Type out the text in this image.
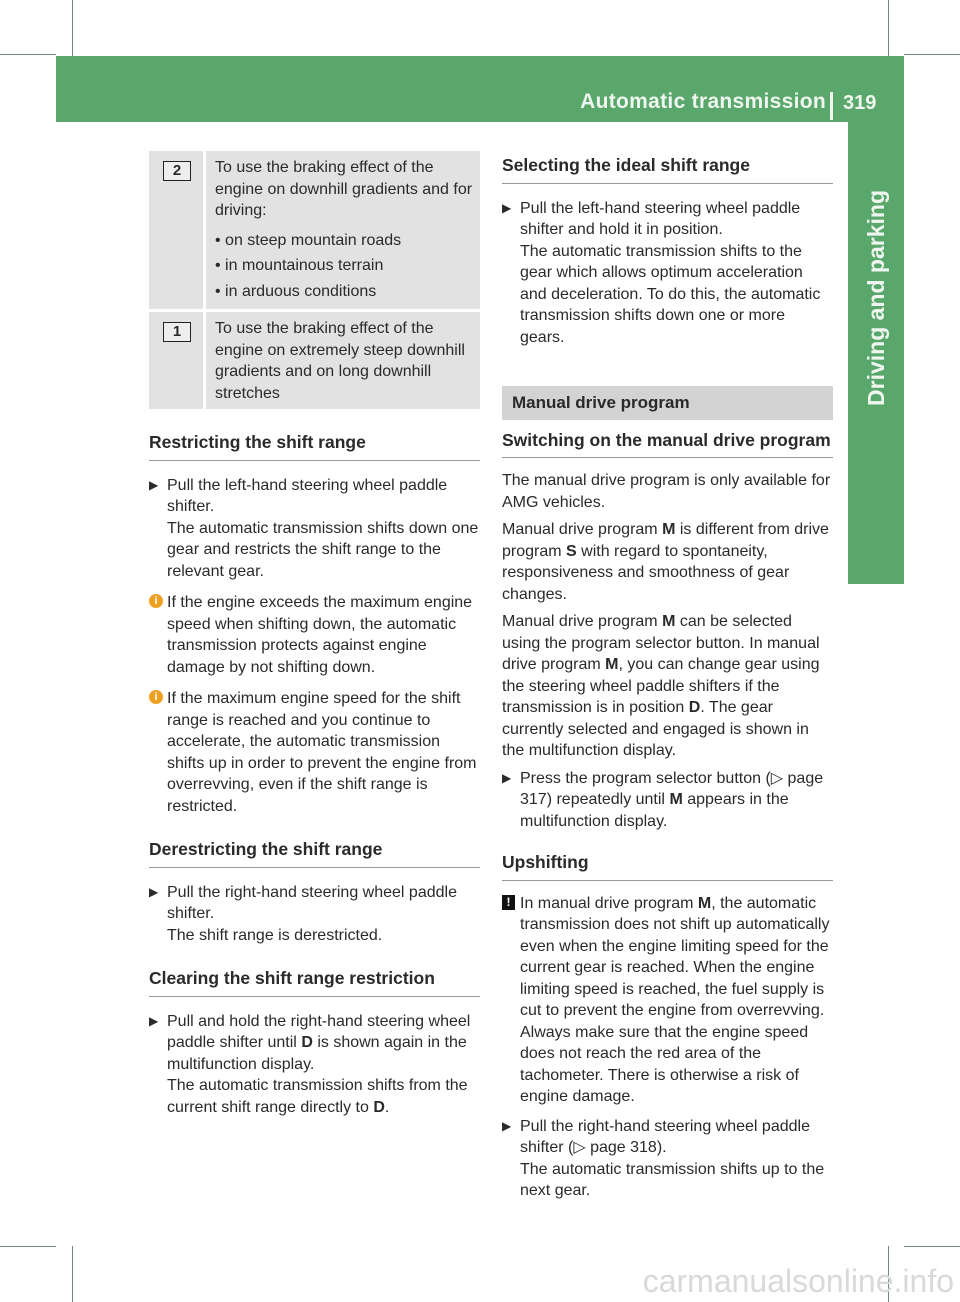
Automatic transmission 319
Driving and parking
2	To use the braking effect of the engine on downhill gradients and for driving:

• on steep mountain roads
• in mountainous terrain
• in arduous conditions
1	To use the braking effect of the engine on extremely steep downhill gradients and on long downhill stretches

Restricting the shift range

▶ Pull the left-hand steering wheel paddle shifter.
The automatic transmission shifts down one gear and restricts the shift range to the relevant gear.

i If the engine exceeds the maximum engine speed when shifting down, the automatic transmission protects against engine damage by not shifting down.

i If the maximum engine speed for the shift range is reached and you continue to accelerate, the automatic transmission shifts up in order to prevent the engine from overrevving, even if the shift range is restricted.

Derestricting the shift range

▶ Pull the right-hand steering wheel paddle shifter.
The shift range is derestricted.

Clearing the shift range restriction

▶ Pull and hold the right-hand steering wheel paddle shifter until D is shown again in the multifunction display.
The automatic transmission shifts from the current shift range directly to D.

Selecting the ideal shift range

▶ Pull the left-hand steering wheel paddle shifter and hold it in position.
The automatic transmission shifts to the gear which allows optimum acceleration and deceleration. To do this, the automatic transmission shifts down one or more gears.

Manual drive program
Switching on the manual drive program

The manual drive program is only available for AMG vehicles.

Manual drive program M is different from drive program S with regard to spontaneity, responsiveness and smoothness of gear changes.

Manual drive program M can be selected using the program selector button. In manual drive program M, you can change gear using the steering wheel paddle shifters if the transmission is in position D. The gear currently selected and engaged is shown in the multifunction display.

▶ Press the program selector button (▷ page 317) repeatedly until M appears in the multifunction display.

Upshifting

! In manual drive program M, the automatic transmission does not shift up automatically even when the engine limiting speed for the current gear is reached. When the engine limiting speed is reached, the fuel supply is cut to prevent the engine from overrevving. Always make sure that the engine speed does not reach the red area of the tachometer. There is otherwise a risk of engine damage.

▶ Pull the right-hand steering wheel paddle shifter (▷ page 318).
The automatic transmission shifts up to the next gear.

carmanualsonline.info
